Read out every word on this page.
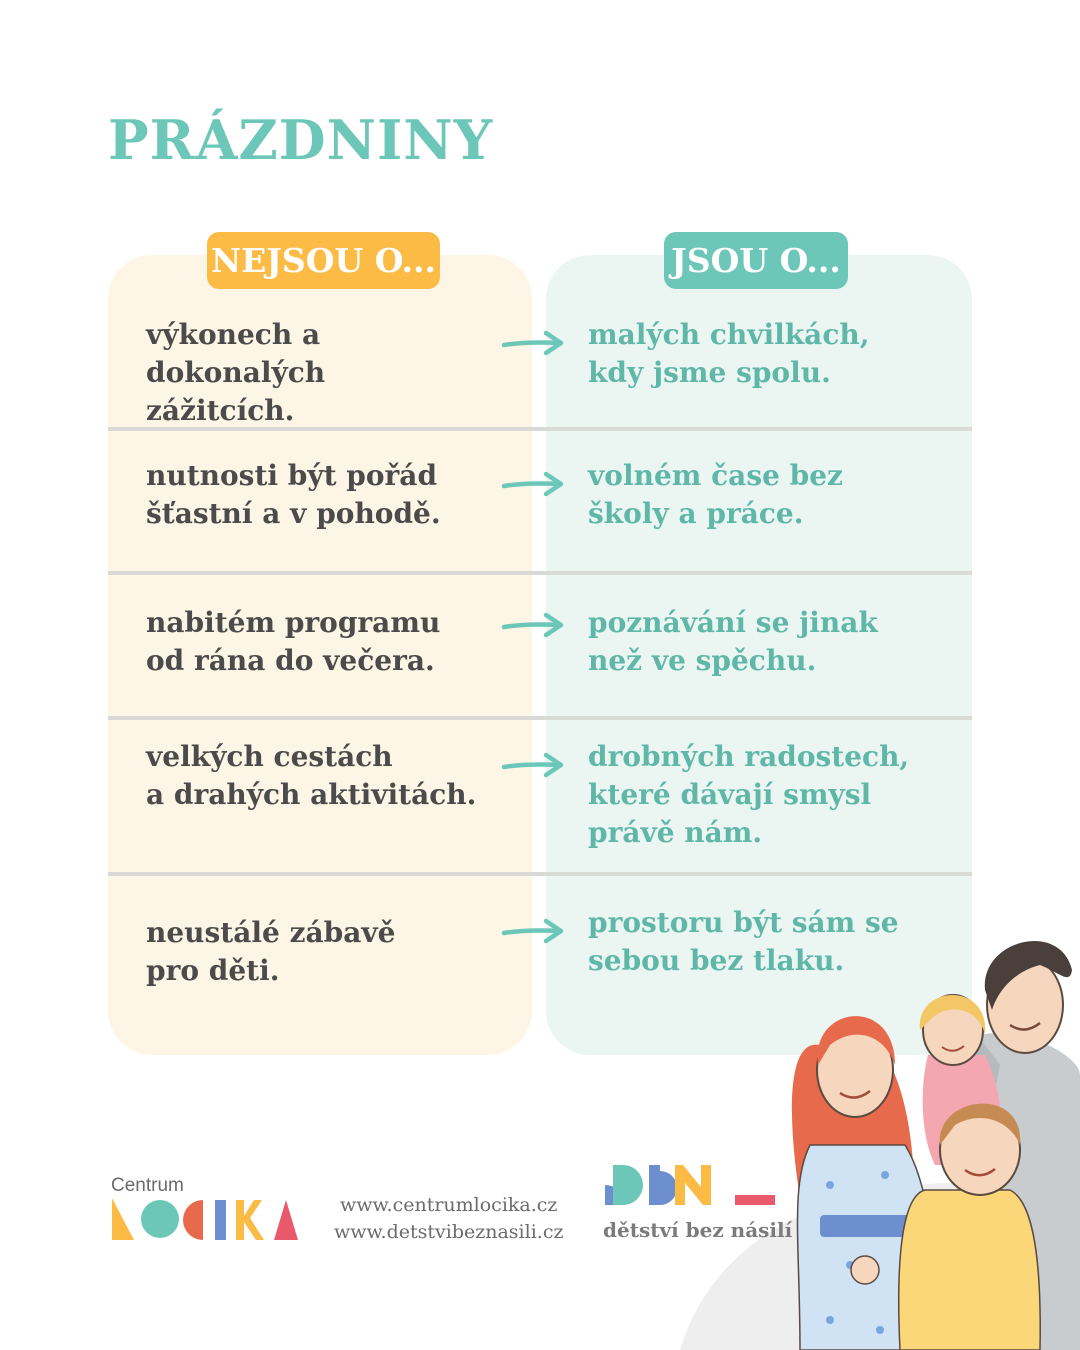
PRÁZDNINY
NEJSOU O...	JSOU O...

výkonech a dokonalých
zážitcích.

malých chvilkách,
kdy jsme spolu.

nutnosti být pořád
šťastní a v pohodě.

volném čase bez
školy a práce.

nabitém programu
od rána do večera.

poznávání se jinak
než ve spěchu.

velkých cestách
a drahých aktivitách.

drobných radostech,
které dávají smysl
právě nám.

neustálé zábavě
pro děti.

prostoru být sám se
sebou bez tlaku.

Centrum
www.centrumlocika.cz
www.detstvibeznasili.cz dětství bez násilí
